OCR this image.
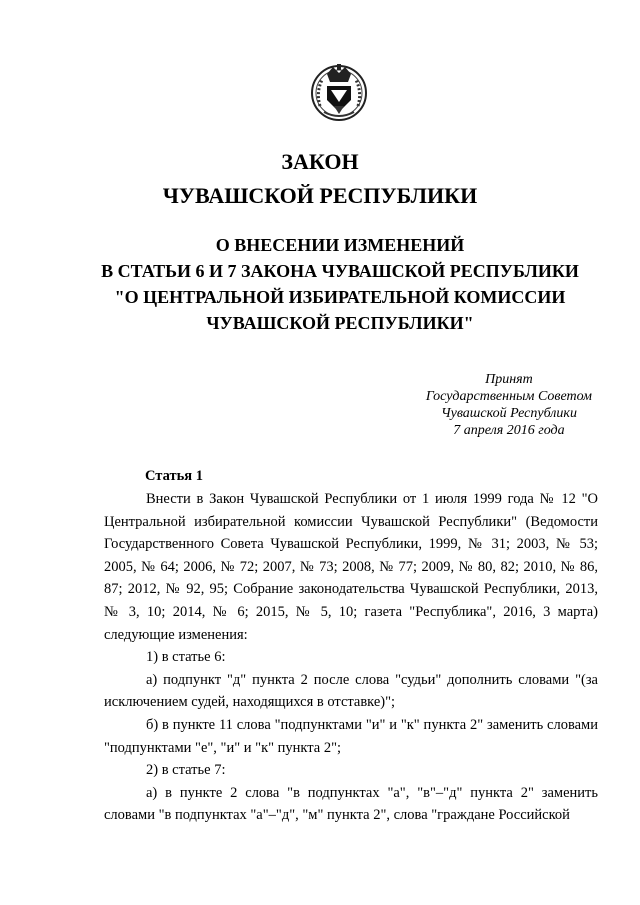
ЗАКОН
ЧУВАШСКОЙ РЕСПУБЛИКИ
О ВНЕСЕНИИ ИЗМЕНЕНИЙ
В СТАТЬИ 6 И 7 ЗАКОНА ЧУВАШСКОЙ РЕСПУБЛИКИ
"О ЦЕНТРАЛЬНОЙ ИЗБИРАТЕЛЬНОЙ КОМИССИИ
ЧУВАШСКОЙ РЕСПУБЛИКИ"
Принят
Государственным Советом
Чувашской Республики
7 апреля 2016 года
Статья 1

Внести в Закон Чувашской Республики от 1 июля 1999 года № 12 "О Центральной избирательной комиссии Чувашской Республики" (Ведомости Государственного Совета Чувашской Республики, 1999, № 31; 2003, № 53; 2005, № 64; 2006, № 72; 2007, № 73; 2008, № 77; 2009, № 80, 82; 2010, № 86, 87; 2012, № 92, 95; Собрание законодательства Чувашской Республики, 2013, № 3, 10; 2014, № 6; 2015, № 5, 10; газета "Республика", 2016, 3 марта) следующие изменения:

1) в статье 6:

а) подпункт "д" пункта 2 после слова "судьи" дополнить словами "(за исключением судей, находящихся в отставке)";

б) в пункте 11 слова "подпунктами "и" и "к" пункта 2" заменить словами "подпунктами "е", "и" и "к" пункта 2";

2) в статье 7:

а) в пункте 2 слова "в подпунктах "а", "в"–"д" пункта 2" заменить словами "в подпунктах "а"–"д", "м" пункта 2", слова "граждане Российской
